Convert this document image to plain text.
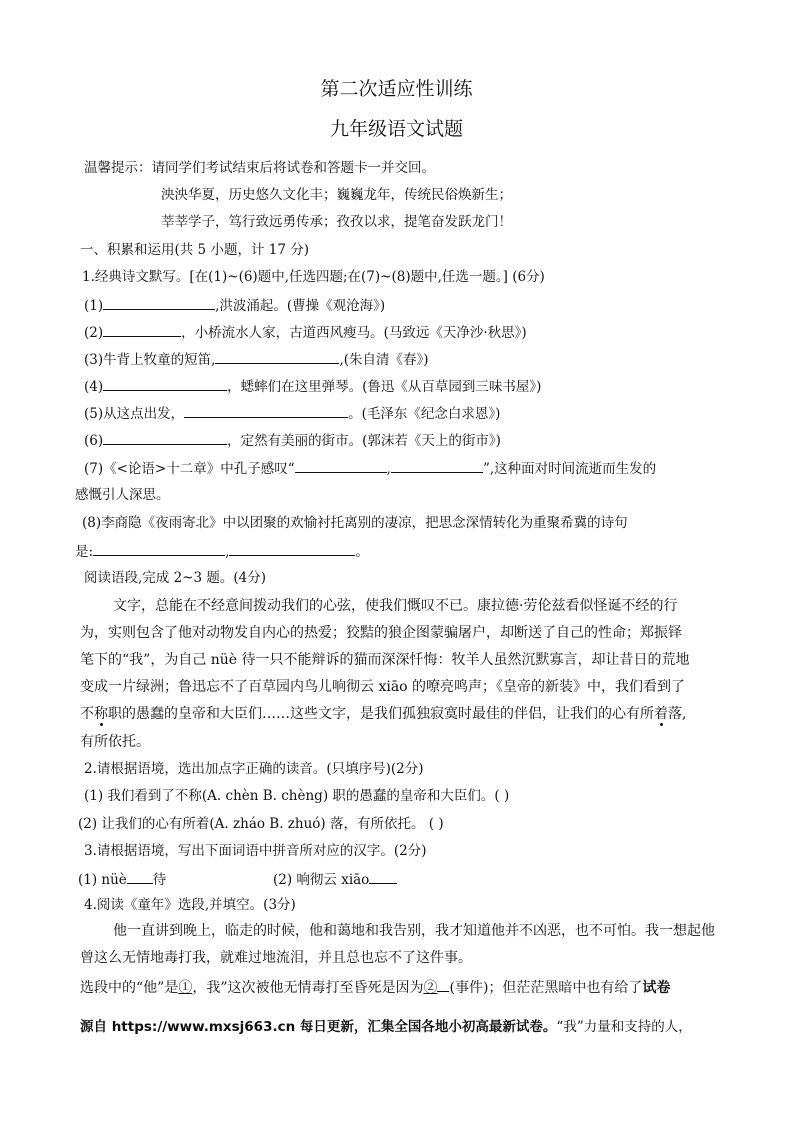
第二次适应性训练
九年级语文试题
温馨提示：请同学们考试结束后将试卷和答题卡一并交回。
泱泱华夏，历史悠久文化丰；巍巍龙年，传统民俗焕新生；
莘莘学子，笃行致远勇传承；孜孜以求，提笔奋发跃龙门！
一、积累和运用(共 5 小题，计 17 分)
1.经典诗文默写。[在(1)~(6)题中,任选四题;在(7)~(8)题中,任选一题。] (6分)
(1)	,洪波涌起。(曹操《观沧海》)
(2)	，小桥流水人家，古道西风瘦马。(马致远《天净沙·秋思》)
(3)牛背上牧童的短笛,	,(朱自清《春》)
(4)	，蟋蟀们在这里弹琴。(鲁迅《从百草园到三味书屋》)
(5)从这点出发，	。(毛泽东《纪念白求恩》)
(6)	，定然有美丽的街市。(郭沫若《天上的街市》)
(7)《<论语>十二章》中孔子感叹“	,	”,这种面对时间流逝而生发的
感慨引人深思。
(8)李商隐《夜雨寄北》中以团聚的欢愉衬托离别的凄凉，把思念深情转化为重聚希冀的诗句
是:	,	。
阅读语段,完成 2~3 题。(4分)
文字，总能在不经意间拨动我们的心弦，使我们慨叹不已。康拉德·劳伦兹看似怪诞不经的行
为，实则包含了他对动物发自内心的热爱；狡黠的狼企图蒙骗屠户，却断送了自己的性命；郑振铎
笔下的“我”，为自己 nüè 待一只不能辩诉的猫而深深忏悔：牧羊人虽然沉默寡言，却让昔日的荒地
变成一片绿洲；鲁迅忘不了百草园内鸟儿响彻云 xiāo 的嘹亮鸣声；《皇帝的新装》中，我们看到了
不称职的愚蠢的皇帝和大臣们……这些文字，是我们孤独寂寞时最佳的伴侣，让我们的心有所着落,
有所依托。
2.请根据语境，选出加点字正确的读音。(只填序号)(2分)
(1) 我们看到了不称(A. chèn B. chèng) 职的愚蠢的皇帝和大臣们。( )
(2) 让我们的心有所着(A. zháo B. zhuó) 落，有所依托。 ( )
3.请根据语境，写出下面词语中拼音所对应的汉字。(2分)
(1) nüè 待	(2) 响彻云 xiāo
4.阅读《童年》选段,并填空。(3分)
他一直讲到晚上，临走的时候，他和蔼地和我告别，我才知道他并不凶恶，也不可怕。我一想起他
曾这么无情地毒打我，就难过地流泪，并且总也忘不了这件事。
选段中的“他”是①，我”这次被他无情毒打至昏死是因为② (事件)；但茫茫黑暗中也有给了试卷
源自 https://www.mxsj663.cn 每日更新，汇集全国各地小初高最新试卷。“我”力量和支持的人，
